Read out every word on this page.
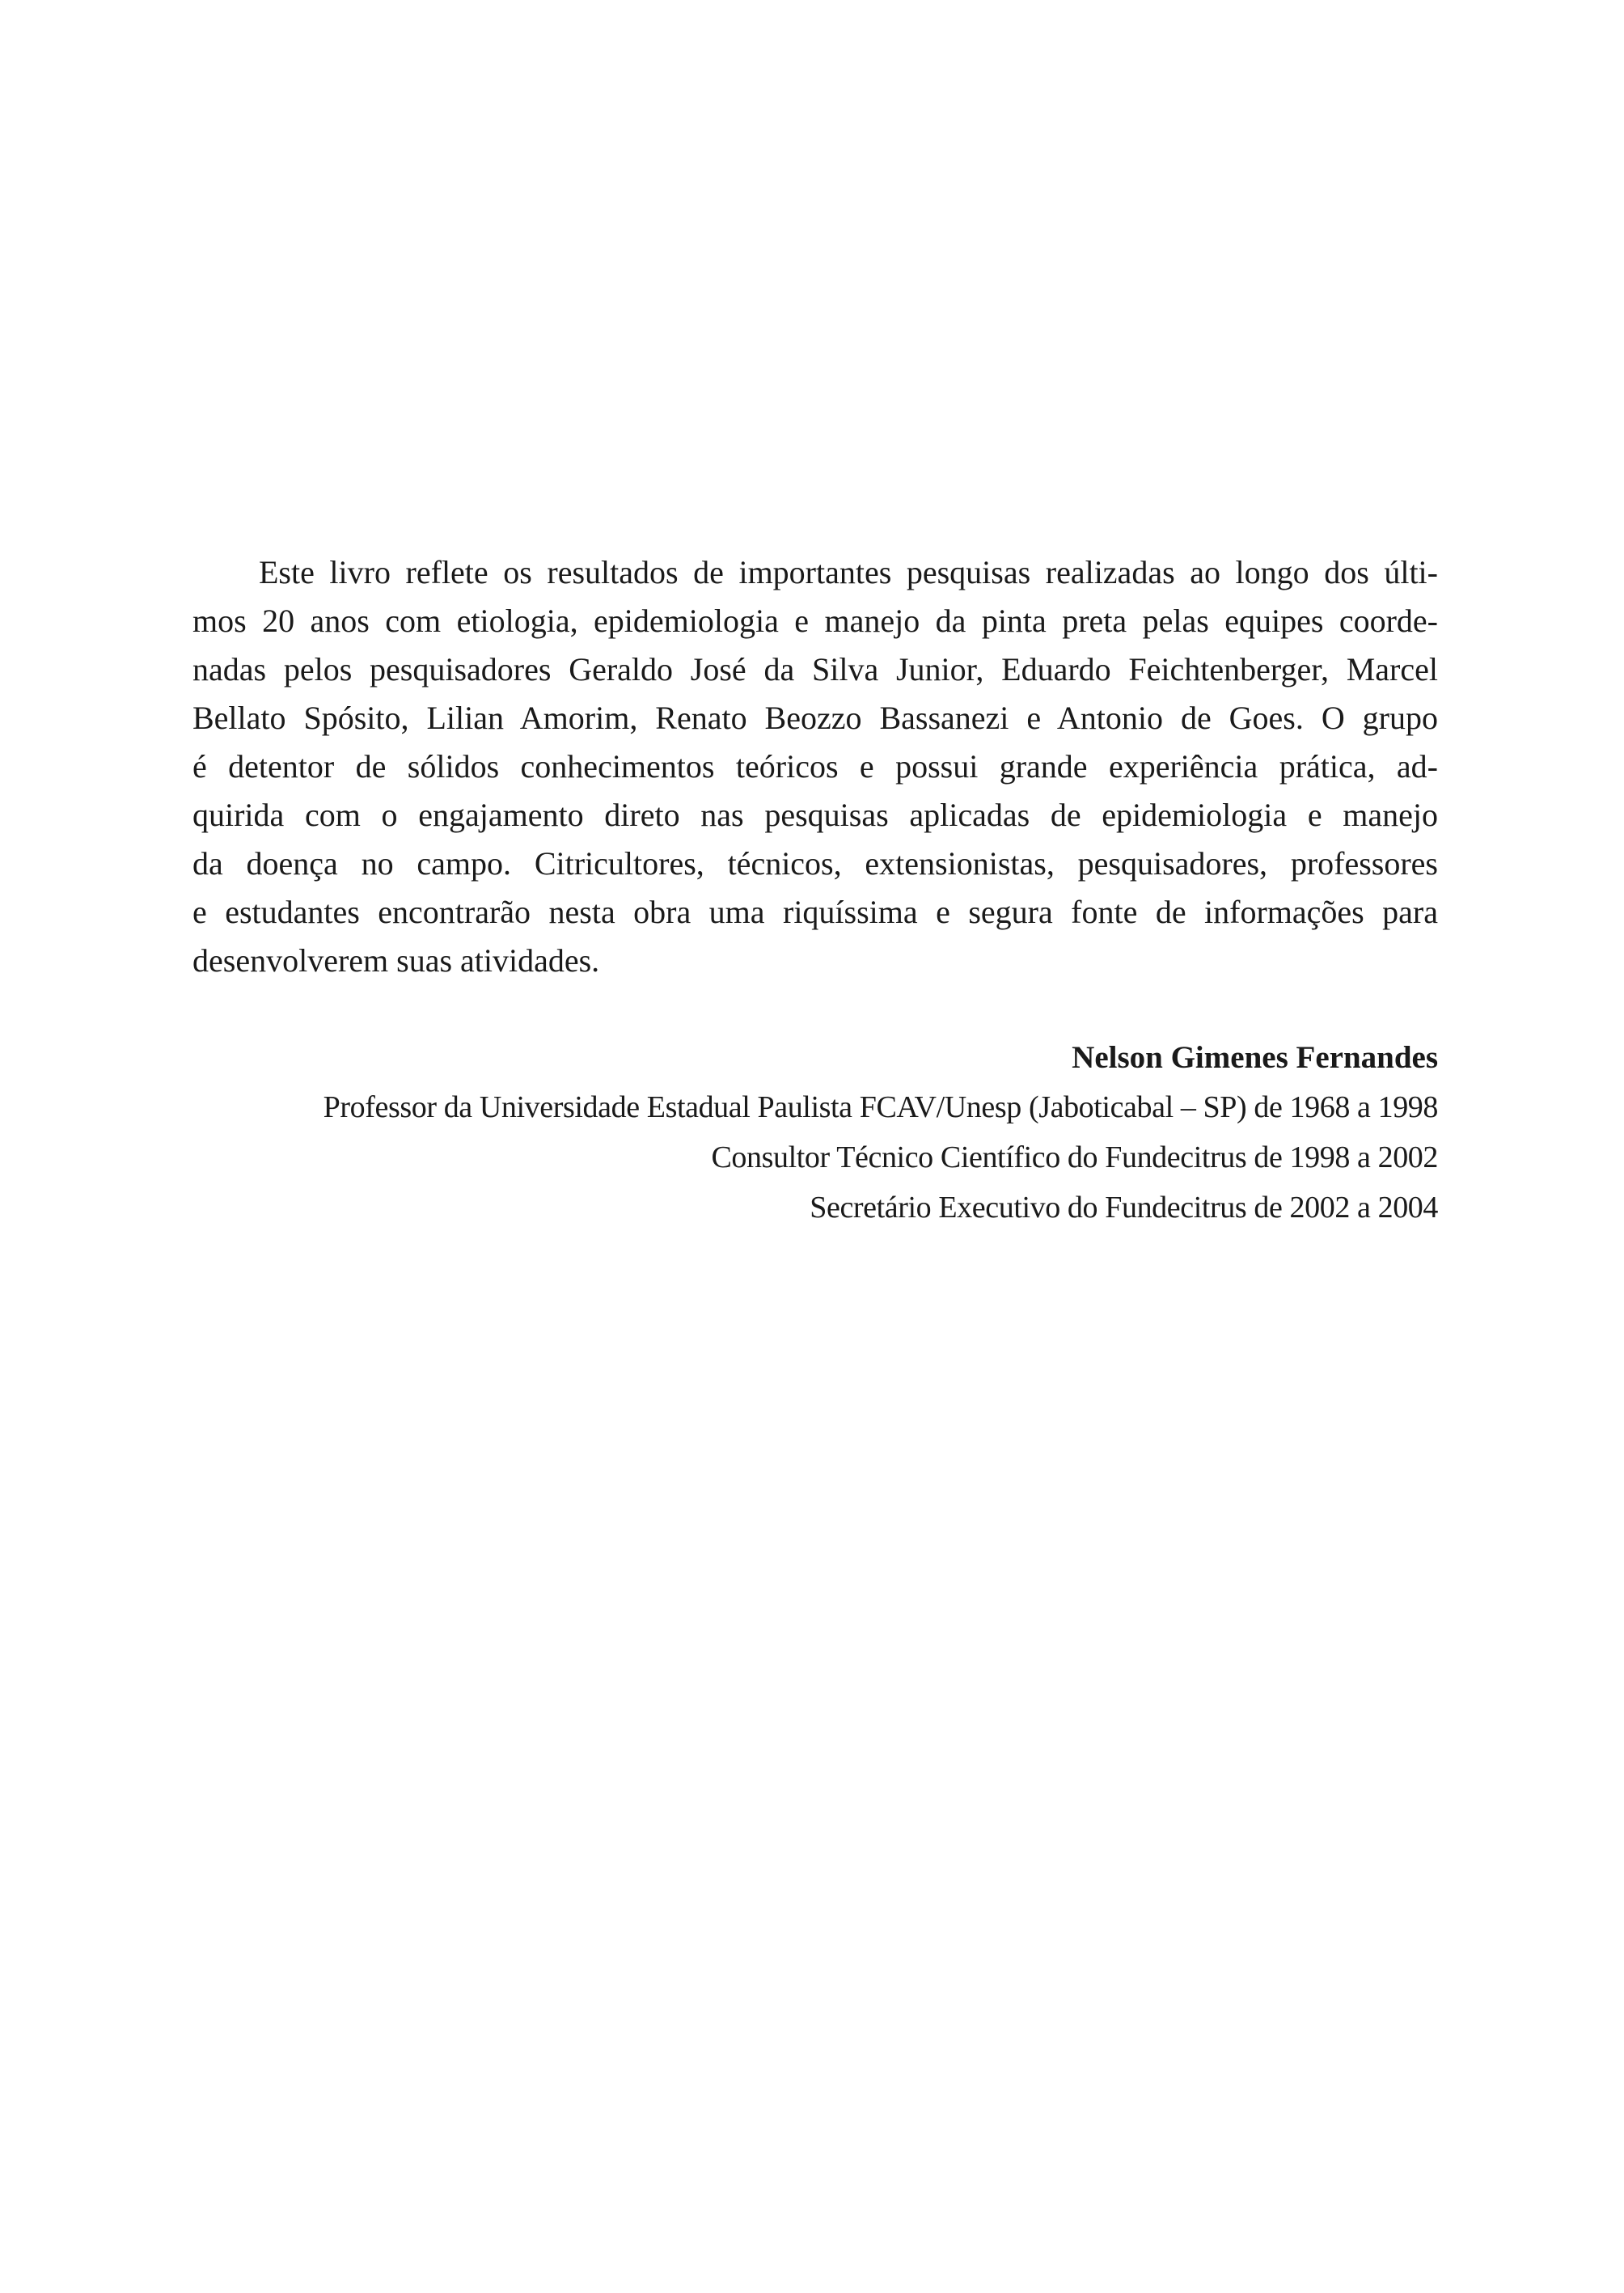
Este livro reflete os resultados de importantes pesquisas realizadas ao longo dos últi-
mos 20 anos com etiologia, epidemiologia e manejo da pinta preta pelas equipes coorde-
nadas pelos pesquisadores Geraldo José da Silva Junior, Eduardo Feichtenberger, Marcel
Bellato Spósito, Lilian Amorim, Renato Beozzo Bassanezi e Antonio de Goes. O grupo
é detentor de sólidos conhecimentos teóricos e possui grande experiência prática, ad-
quirida com o engajamento direto nas pesquisas aplicadas de epidemiologia e manejo
da doença no campo. Citricultores, técnicos, extensionistas, pesquisadores, professores
e estudantes encontrarão nesta obra uma riquíssima e segura fonte de informações para
desenvolverem suas atividades.
Nelson Gimenes Fernandes
Professor da Universidade Estadual Paulista FCAV/Unesp (Jaboticabal – SP) de 1968 a 1998
Consultor Técnico Científico do Fundecitrus de 1998 a 2002
Secretário Executivo do Fundecitrus de 2002 a 2004
